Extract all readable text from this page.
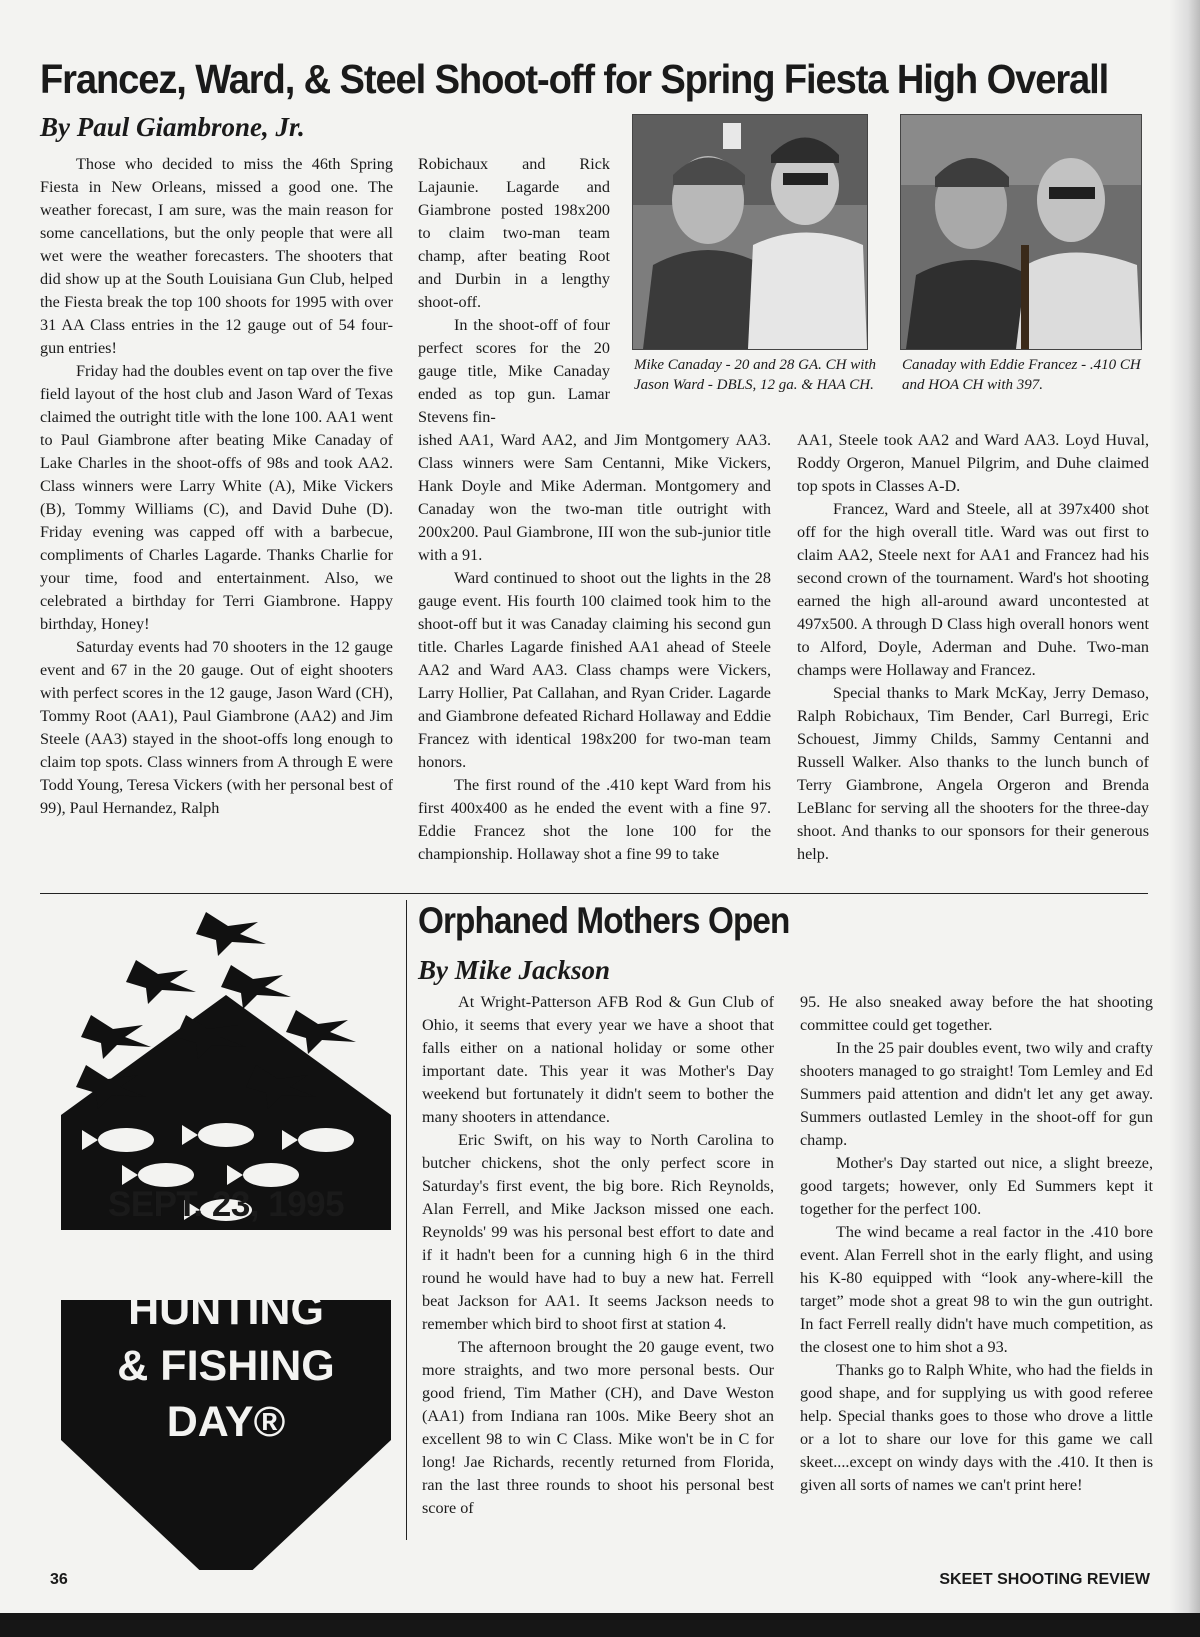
Francez, Ward, & Steel Shoot-off for Spring Fiesta High Overall
By Paul Giambrone, Jr.

Those who decided to miss the 46th Spring Fiesta in New Orleans, missed a good one. The weather forecast, I am sure, was the main reason for some cancellations, but the only people that were all wet were the weather forecasters. The shooters that did show up at the South Louisiana Gun Club, helped the Fiesta break the top 100 shoots for 1995 with over 31 AA Class entries in the 12 gauge out of 54 four-gun entries!

Friday had the doubles event on tap over the five field layout of the host club and Jason Ward of Texas claimed the outright title with the lone 100. AA1 went to Paul Giambrone after beating Mike Canaday of Lake Charles in the shoot-offs of 98s and took AA2. Class winners were Larry White (A), Mike Vickers (B), Tommy Williams (C), and David Duhe (D). Friday evening was capped off with a barbecue, compliments of Charles Lagarde. Thanks Charlie for your time, food and entertainment. Also, we celebrated a birthday for Terri Giambrone. Happy birthday, Honey!

Saturday events had 70 shooters in the 12 gauge event and 67 in the 20 gauge. Out of eight shooters with perfect scores in the 12 gauge, Jason Ward (CH), Tommy Root (AA1), Paul Giambrone (AA2) and Jim Steele (AA3) stayed in the shoot-offs long enough to claim top spots. Class winners from A through E were Todd Young, Teresa Vickers (with her personal best of 99), Paul Hernandez, Ralph

Robichaux and Rick Lajaunie. Lagarde and Giambrone posted 198x200 to claim two-man team champ, after beating Root and Durbin in a lengthy shoot-off.

In the shoot-off of four perfect scores for the 20 gauge title, Mike Canaday ended as top gun. Lamar Stevens fin-

ished AA1, Ward AA2, and Jim Montgomery AA3. Class winners were Sam Centanni, Mike Vickers, Hank Doyle and Mike Aderman. Montgomery and Canaday won the two-man title outright with 200x200. Paul Giambrone, III won the sub-junior title with a 91.

Ward continued to shoot out the lights in the 28 gauge event. His fourth 100 claimed took him to the shoot-off but it was Canaday claiming his second gun title. Charles Lagarde finished AA1 ahead of Steele AA2 and Ward AA3. Class champs were Vickers, Larry Hollier, Pat Callahan, and Ryan Crider. Lagarde and Giambrone defeated Richard Hollaway and Eddie Francez with identical 198x200 for two-man team honors.

The first round of the .410 kept Ward from his first 400x400 as he ended the event with a fine 97. Eddie Francez shot the lone 100 for the championship. Hollaway shot a fine 99 to take

AA1, Steele took AA2 and Ward AA3. Loyd Huval, Roddy Orgeron, Manuel Pilgrim, and Duhe claimed top spots in Classes A-D.

Francez, Ward and Steele, all at 397x400 shot off for the high overall title. Ward was out first to claim AA2, Steele next for AA1 and Francez had his second crown of the tournament. Ward's hot shooting earned the high all-around award uncontested at 497x500. A through D Class high overall honors went to Alford, Doyle, Aderman and Duhe. Two-man champs were Hollaway and Francez.

Special thanks to Mark McKay, Jerry Demaso, Ralph Robichaux, Tim Bender, Carl Burregi, Eric Schouest, Jimmy Childs, Sammy Centanni and Russell Walker. Also thanks to the lunch bunch of Terry Giambrone, Angela Orgeron and Brenda LeBlanc for serving all the shooters for the three-day shoot. And thanks to our sponsors for their generous help.

Mike Canaday - 20 and 28 GA. CH with Jason Ward - DBLS, 12 ga. & HAA CH.
Canaday with Eddie Francez - .410 CH and HOA CH with 397.
SEPT. 23, 1995
NATIONAL
HUNTING
& FISHING
DAY®
Orphaned Mothers Open
By Mike Jackson

At Wright-Patterson AFB Rod & Gun Club of Ohio, it seems that every year we have a shoot that falls either on a national holiday or some other important date. This year it was Mother's Day weekend but fortunately it didn't seem to bother the many shooters in attendance.

Eric Swift, on his way to North Carolina to butcher chickens, shot the only perfect score in Saturday's first event, the big bore. Rich Reynolds, Alan Ferrell, and Mike Jackson missed one each. Reynolds' 99 was his personal best effort to date and if it hadn't been for a cunning high 6 in the third round he would have had to buy a new hat. Ferrell beat Jackson for AA1. It seems Jackson needs to remember which bird to shoot first at station 4.

The afternoon brought the 20 gauge event, two more straights, and two more personal bests. Our good friend, Tim Mather (CH), and Dave Weston (AA1) from Indiana ran 100s. Mike Beery shot an excellent 98 to win C Class. Mike won't be in C for long! Jae Richards, recently returned from Florida, ran the last three rounds to shoot his personal best score of

95. He also sneaked away before the hat shooting committee could get together.

In the 25 pair doubles event, two wily and crafty shooters managed to go straight! Tom Lemley and Ed Summers paid attention and didn't let any get away. Summers outlasted Lemley in the shoot-off for gun champ.

Mother's Day started out nice, a slight breeze, good targets; however, only Ed Summers kept it together for the perfect 100.

The wind became a real factor in the .410 bore event. Alan Ferrell shot in the early flight, and using his K-80 equipped with “look any-where-kill the target” mode shot a great 98 to win the gun outright. In fact Ferrell really didn't have much competition, as the closest one to him shot a 93.

Thanks go to Ralph White, who had the fields in good shape, and for supplying us with good referee help. Special thanks goes to those who drove a little or a lot to share our love for this game we call skeet....except on windy days with the .410. It then is given all sorts of names we can't print here!

36	SKEET SHOOTING REVIEW
